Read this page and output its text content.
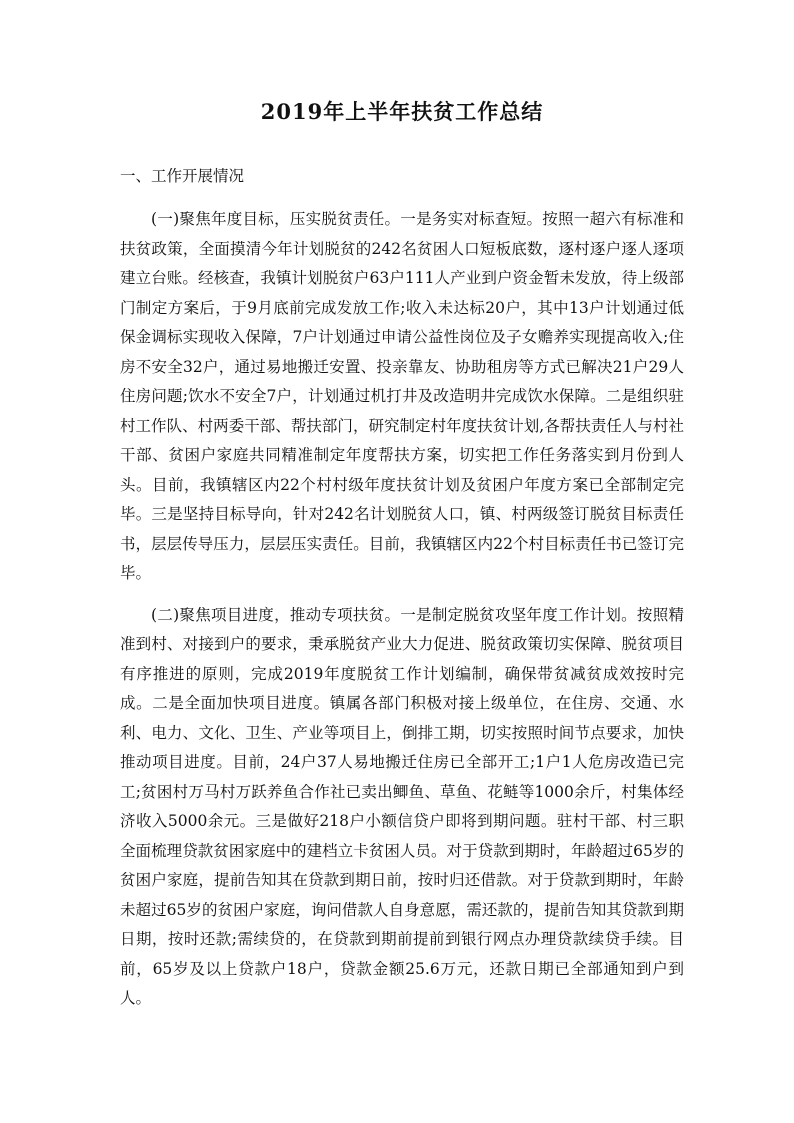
2019年上半年扶贫工作总结

一、工作开展情况

(一)聚焦年度目标，压实脱贫责任。一是务实对标查短。按照一超六有标准和扶贫政策，全面摸清今年计划脱贫的242名贫困人口短板底数，逐村逐户逐人逐项建立台账。经核查，我镇计划脱贫户63户111人产业到户资金暂未发放，待上级部门制定方案后，于9月底前完成发放工作;收入未达标20户，其中13户计划通过低保金调标实现收入保障，7户计划通过申请公益性岗位及子女赡养实现提高收入;住房不安全32户，通过易地搬迁安置、投亲靠友、协助租房等方式已解决21户29人住房问题;饮水不安全7户，计划通过机打井及改造明井完成饮水保障。二是组织驻村工作队、村两委干部、帮扶部门，研究制定村年度扶贫计划,各帮扶责任人与村社干部、贫困户家庭共同精准制定年度帮扶方案，切实把工作任务落实到月份到人头。目前，我镇辖区内22个村村级年度扶贫计划及贫困户年度方案已全部制定完毕。三是坚持目标导向，针对242名计划脱贫人口，镇、村两级签订脱贫目标责任书，层层传导压力，层层压实责任。目前，我镇辖区内22个村目标责任书已签订完毕。

(二)聚焦项目进度，推动专项扶贫。一是制定脱贫攻坚年度工作计划。按照精准到村、对接到户的要求，秉承脱贫产业大力促进、脱贫政策切实保障、脱贫项目有序推进的原则，完成2019年度脱贫工作计划编制，确保带贫减贫成效按时完成。二是全面加快项目进度。镇属各部门积极对接上级单位，在住房、交通、水利、电力、文化、卫生、产业等项目上，倒排工期，切实按照时间节点要求，加快推动项目进度。目前，24户37人易地搬迁住房已全部开工;1户1人危房改造已完工;贫困村万马村万跃养鱼合作社已卖出鲫鱼、草鱼、花鲢等1000余斤，村集体经济收入5000余元。三是做好218户小额信贷户即将到期问题。驻村干部、村三职全面梳理贷款贫困家庭中的建档立卡贫困人员。对于贷款到期时，年龄超过65岁的贫困户家庭，提前告知其在贷款到期日前，按时归还借款。对于贷款到期时，年龄未超过65岁的贫困户家庭，询问借款人自身意愿，需还款的，提前告知其贷款到期日期，按时还款;需续贷的，在贷款到期前提前到银行网点办理贷款续贷手续。目前，65岁及以上贷款户18户，贷款金额25.6万元，还款日期已全部通知到户到人。
